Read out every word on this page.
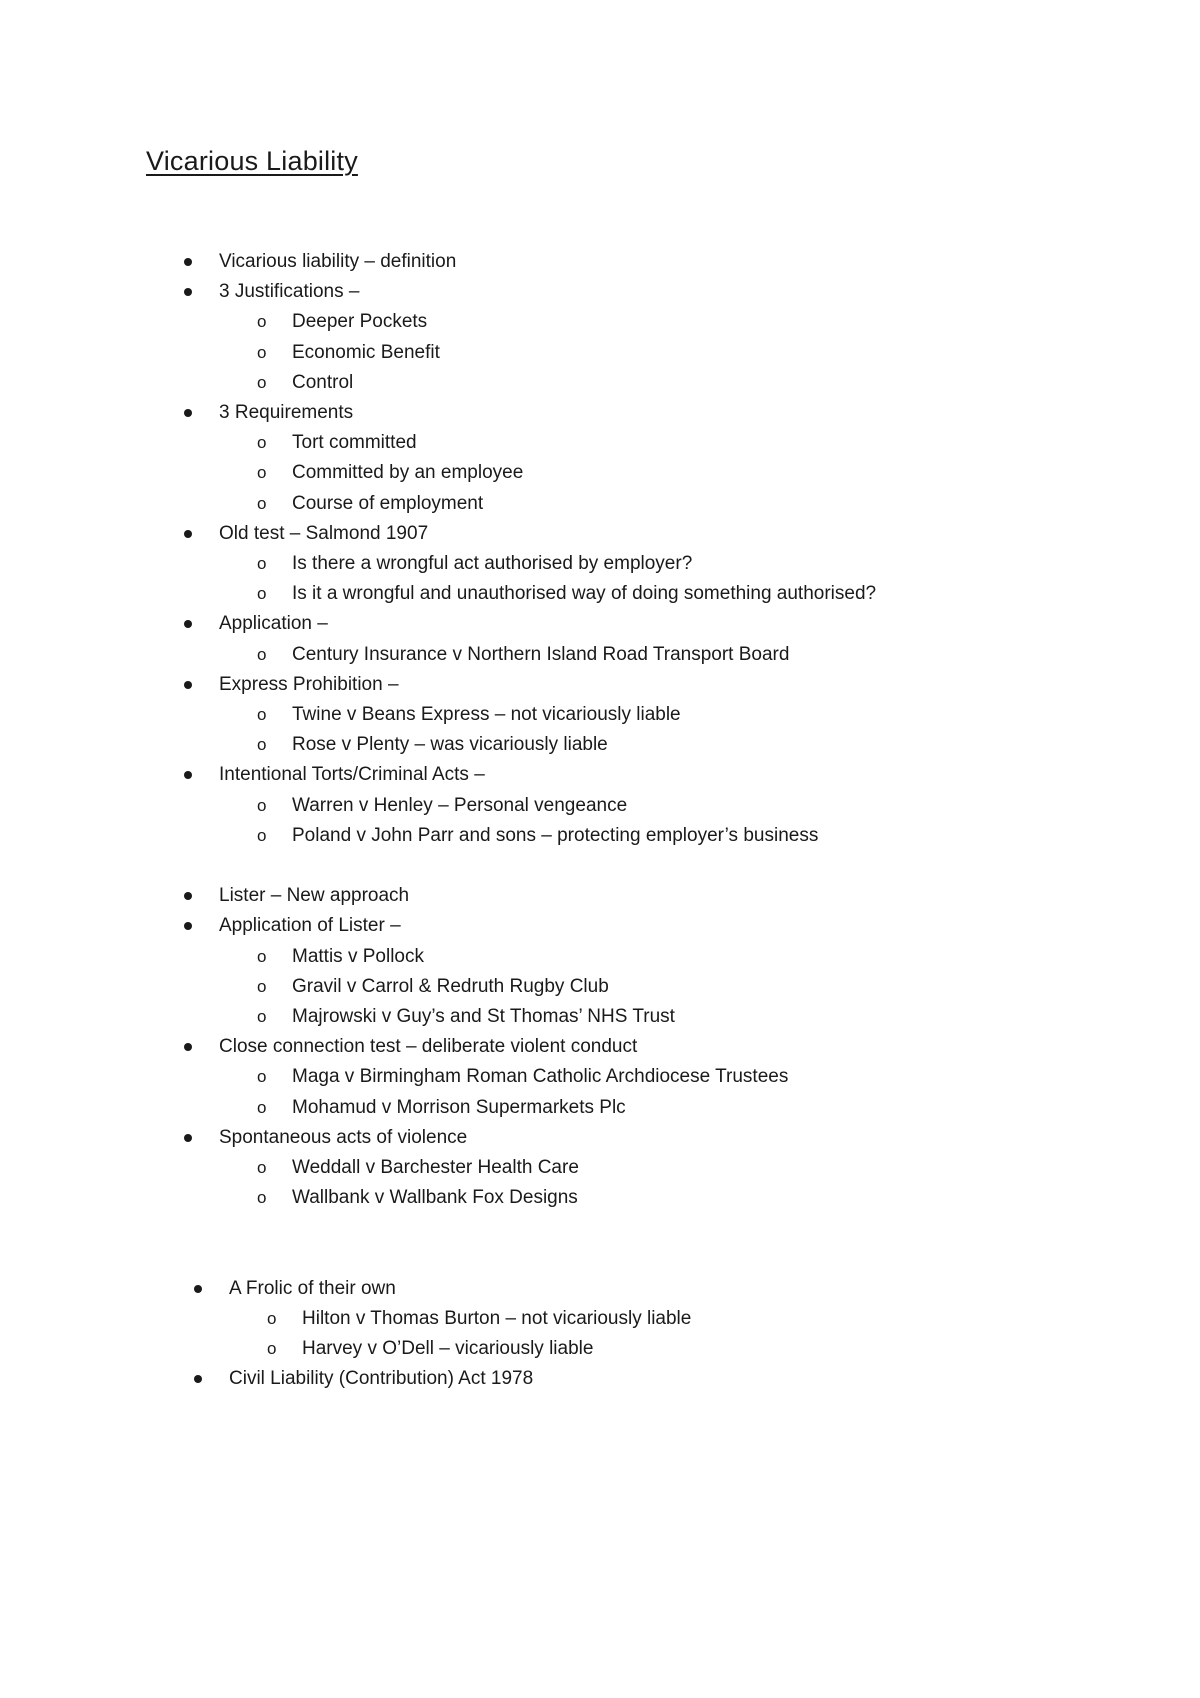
Vicarious Liability
Vicarious liability – definition
3 Justifications –
o Deeper Pockets
o Economic Benefit
o Control
3 Requirements
o Tort committed
o Committed by an employee
o Course of employment
Old test – Salmond 1907
o Is there a wrongful act authorised by employer?
o Is it a wrongful and unauthorised way of doing something authorised?
Application –
o Century Insurance v Northern Island Road Transport Board
Express Prohibition –
o Twine v Beans Express – not vicariously liable
o Rose v Plenty – was vicariously liable
Intentional Torts/Criminal Acts –
o Warren v Henley – Personal vengeance
o Poland v John Parr and sons – protecting employer’s business
Lister – New approach
Application of Lister –
o Mattis v Pollock
o Gravil v Carrol & Redruth Rugby Club
o Majrowski v Guy’s and St Thomas’ NHS Trust
Close connection test – deliberate violent conduct
o Maga v Birmingham Roman Catholic Archdiocese Trustees
o Mohamud v Morrison Supermarkets Plc
Spontaneous acts of violence
o Weddall v Barchester Health Care
o Wallbank v Wallbank Fox Designs
A Frolic of their own
o Hilton v Thomas Burton – not vicariously liable
o Harvey v O’Dell – vicariously liable
Civil Liability (Contribution) Act 1978
